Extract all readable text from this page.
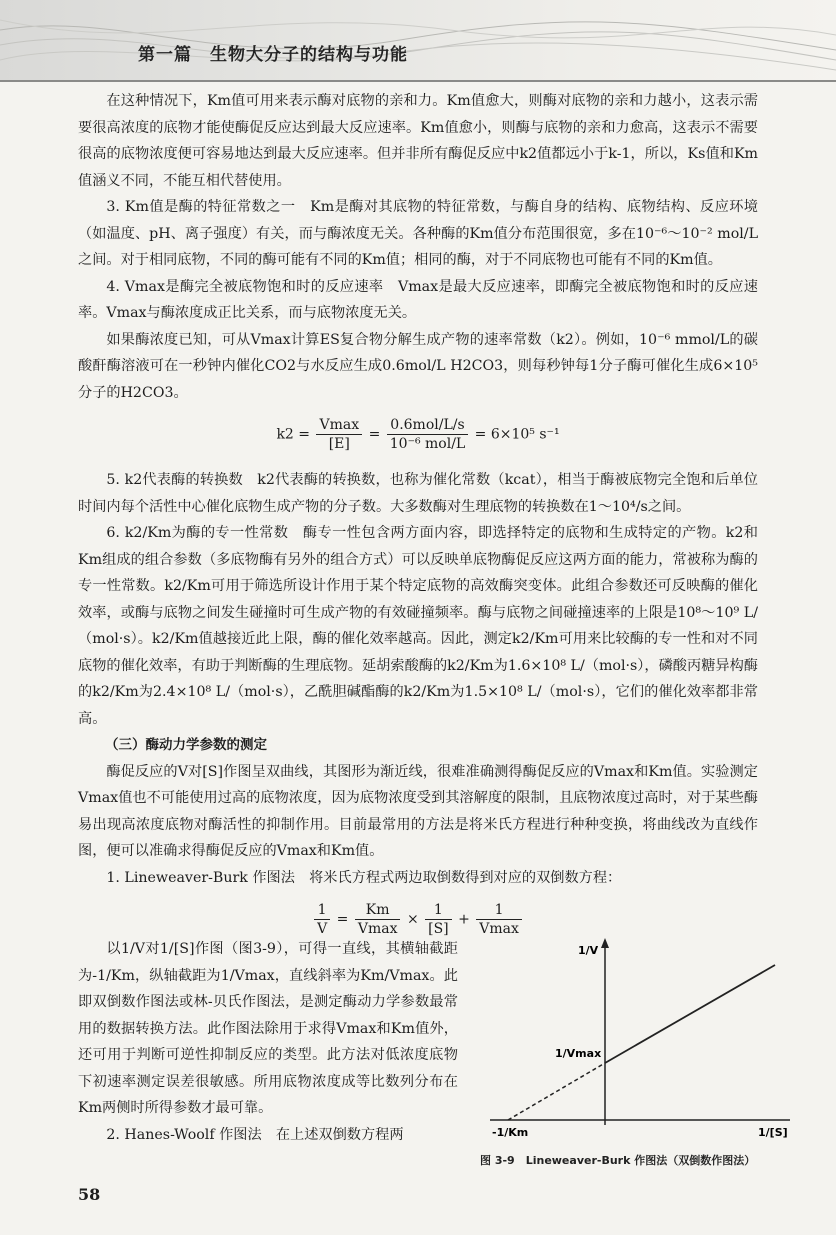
第一篇　生物大分子的结构与功能

在这种情况下，Km值可用来表示酶对底物的亲和力。Km值愈大，则酶对底物的亲和力越小，这表示需要很高浓度的底物才能使酶促反应达到最大反应速率。Km值愈小，则酶与底物的亲和力愈高，这表示不需要很高的底物浓度便可容易地达到最大反应速率。但并非所有酶促反应中k2值都远小于k-1，所以，Ks值和Km值涵义不同，不能互相代替使用。

3. Km值是酶的特征常数之一　Km是酶对其底物的特征常数，与酶自身的结构、底物结构、反应环境（如温度、pH、离子强度）有关，而与酶浓度无关。各种酶的Km值分布范围很宽，多在10⁻⁶～10⁻² mol/L之间。对于相同底物，不同的酶可能有不同的Km值；相同的酶，对于不同底物也可能有不同的Km值。

4. Vmax是酶完全被底物饱和时的反应速率　Vmax是最大反应速率，即酶完全被底物饱和时的反应速率。Vmax与酶浓度成正比关系，而与底物浓度无关。

如果酶浓度已知，可从Vmax计算ES复合物分解生成产物的速率常数（k2）。例如，10⁻⁶ mmol/L的碳酸酐酶溶液可在一秒钟内催化CO2与水反应生成0.6mol/L H2CO3，则每秒钟每1分子酶可催化生成6×10⁵分子的H2CO3。

$k2 = \frac{Vmax}{[E]} = \frac{\text{0.6mol/L/s}}{\text{10⁻⁶ mol/L}} = 6\times 10^5$ s⁻¹

5. k2代表酶的转换数　k2代表酶的转换数，也称为催化常数（kcat），相当于酶被底物完全饱和后单位时间内每个活性中心催化底物生成产物的分子数。大多数酶对生理底物的转换数在1～10⁴/s之间。

6. k2/Km为酶的专一性常数　酶专一性包含两方面内容，即选择特定的底物和生成特定的产物。k2和Km组成的组合参数（多底物酶有另外的组合方式）可以反映单底物酶促反应这两方面的能力，常被称为酶的专一性常数。k2/Km可用于筛选所设计作用于某个特定底物的高效酶突变体。此组合参数还可反映酶的催化效率，或酶与底物之间发生碰撞时可生成产物的有效碰撞频率。酶与底物之间碰撞速率的上限是10⁸～10⁹ L/（mol·s）。k2/Km值越接近此上限，酶的催化效率越高。因此，测定k2/Km可用来比较酶的专一性和对不同底物的催化效率，有助于判断酶的生理底物。延胡索酸酶的k2/Km为1.6×10⁸ L/（mol·s），磷酸丙糖异构酶的k2/Km为2.4×10⁸ L/（mol·s），乙酰胆碱酯酶的k2/Km为1.5×10⁸ L/（mol·s），它们的催化效率都非常高。

（三）酶动力学参数的测定

酶促反应的V对[S]作图呈双曲线，其图形为渐近线，很难准确测得酶促反应的Vmax和Km值。实验测定Vmax值也不可能使用过高的底物浓度，因为底物浓度受到其溶解度的限制，且底物浓度过高时，对于某些酶易出现高浓度底物对酶活性的抑制作用。目前最常用的方法是将米氏方程进行种种变换，将曲线改为直线作图，便可以准确求得酶促反应的Vmax和Km值。

1. Lineweaver-Burk 作图法　将米氏方程式两边取倒数得到对应的双倒数方程：

$\frac{1}{V} = \frac{Km}{Vmax} \times \frac{1}{[S]} + \frac{1}{Vmax}$

以1/V对1/[S]作图（图3-9），可得一直线，其横轴截距为-1/Km，纵轴截距为1/Vmax，直线斜率为Km/Vmax。此即双倒数作图法或林-贝氏作图法，是测定酶动力学参数最常用的数据转换方法。此作图法除用于求得Vmax和Km值外，还可用于判断可逆性抑制反应的类型。此方法对低浓度底物下初速率测定误差很敏感。所用底物浓度成等比数列分布在Km两侧时所得参数才最可靠。

2. Hanes-Woolf 作图法　在上述双倒数方程两

1/V
1/Vmax
-1/Km	1/[S]
图 3-9　Lineweaver-Burk 作图法（双倒数作图法）
58
